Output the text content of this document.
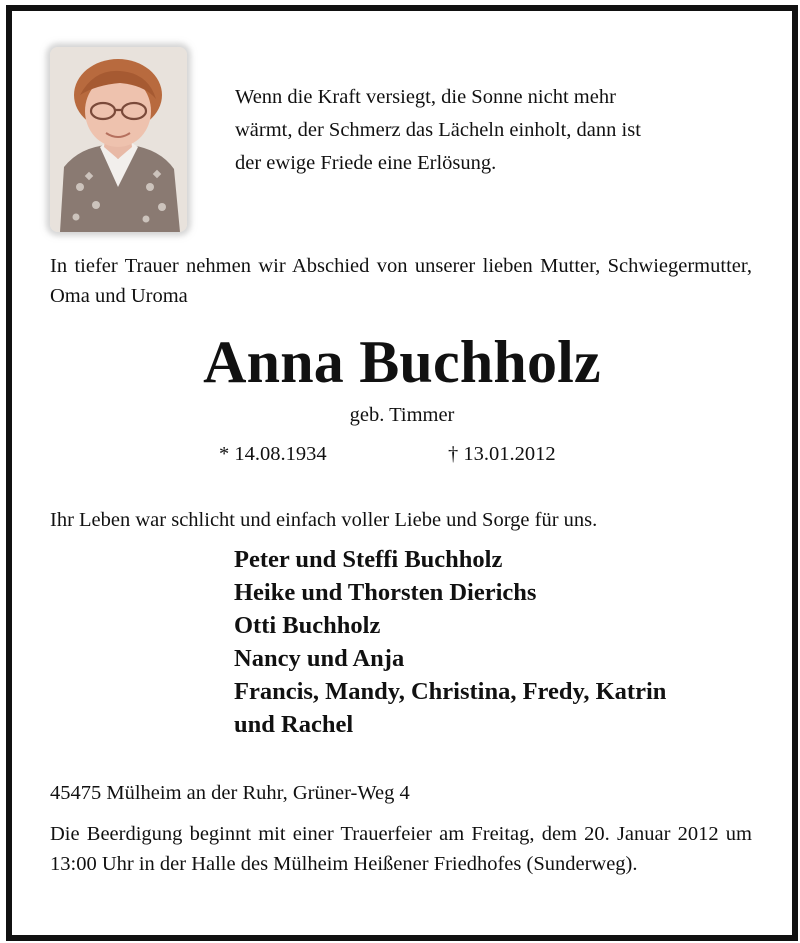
Wenn die Kraft versiegt, die Sonne nicht mehr
wärmt, der Schmerz das Lächeln einholt, dann ist
der ewige Friede eine Erlösung.
In tiefer Trauer nehmen wir Abschied von unserer lieben Mutter, Schwiegermutter, Oma und Uroma
Anna Buchholz
geb. Timmer
* 14.08.1934	† 13.01.2012
Ihr Leben war schlicht und einfach voller Liebe und Sorge für uns.
Peter und Steffi Buchholz
Heike und Thorsten Dierichs
Otti Buchholz
Nancy und Anja
Francis, Mandy, Christina, Fredy, Katrin
und Rachel
45475 Mülheim an der Ruhr, Grüner-Weg 4
Die Beerdigung beginnt mit einer Trauerfeier am Freitag, dem 20. Januar 2012 um 13:00 Uhr in der Halle des Mülheim Heißener Friedhofes (Sunderweg).
